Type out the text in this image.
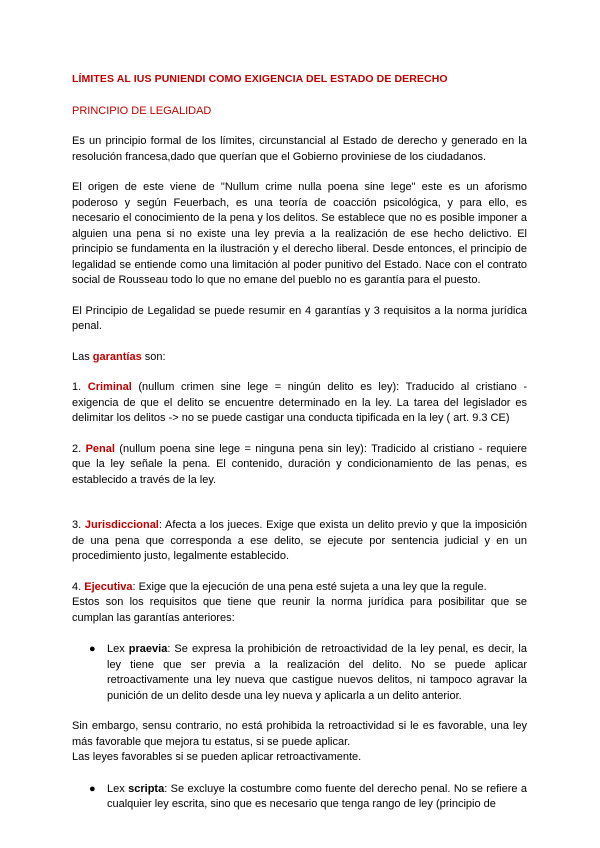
LÍMITES AL IUS PUNIENDI COMO EXIGENCIA DEL ESTADO DE DERECHO

PRINCIPIO DE LEGALIDAD

Es un principio formal de los límites, circunstancial al Estado de derecho y generado en la resolución francesa,dado que querían que el Gobierno proviniese de los ciudadanos.

El origen de este viene de "Nullum crime nulla poena sine lege" este es un aforismo poderoso y según Feuerbach, es una teoría de coacción psicológica, y para ello, es necesario el conocimiento de la pena y los delitos. Se establece que no es posible imponer a alguien una pena si no existe una ley previa a la realización de ese hecho delictivo. El principio se fundamenta en la ilustración y el derecho liberal. Desde entonces, el principio de legalidad se entiende como una limitación al poder punitivo del Estado. Nace con el contrato social de Rousseau todo lo que no emane del pueblo no es garantía para el puesto.

El Principio de Legalidad se puede resumir en 4 garantías y 3 requisitos a la norma jurídica penal.

Las garantías son:

1. Criminal (nullum crimen sine lege = ningún delito es ley): Traducido al cristiano - exigencia de que el delito se encuentre determinado en la ley. La tarea del legislador es delimitar los delitos -> no se puede castigar una conducta tipificada en la ley ( art. 9.3 CE)

2. Penal (nullum poena sine lege = ninguna pena sin ley): Tradicido al cristiano - requiere que la ley señale la pena. El contenido, duración y condicionamiento de las penas, es establecido a través de la ley.

3. Jurisdiccional: Afecta a los jueces. Exige que exista un delito previo y que la imposición de una pena que corresponda a ese delito, se ejecute por sentencia judicial y en un procedimiento justo, legalmente establecido.

4. Ejecutiva: Exige que la ejecución de una pena esté sujeta a una ley que la regule.

Estos son los requisitos que tiene que reunir la norma jurídica para posibilitar que se cumplan las garantías anteriores:

● Lex praevia: Se expresa la prohibición de retroactividad de la ley penal, es decir, la ley tiene que ser previa a la realización del delito. No se puede aplicar retroactivamente una ley nueva que castigue nuevos delitos, ni tampoco agravar la punición de un delito desde una ley nueva y aplicarla a un delito anterior.

Sin embargo, sensu contrario, no está prohibida la retroactividad si le es favorable, una ley más favorable que mejora tu estatus, si se puede aplicar.

Las leyes favorables si se pueden aplicar retroactivamente.

● Lex scripta: Se excluye la costumbre como fuente del derecho penal. No se refiere a cualquier ley escrita, sino que es necesario que tenga rango de ley (principio de
